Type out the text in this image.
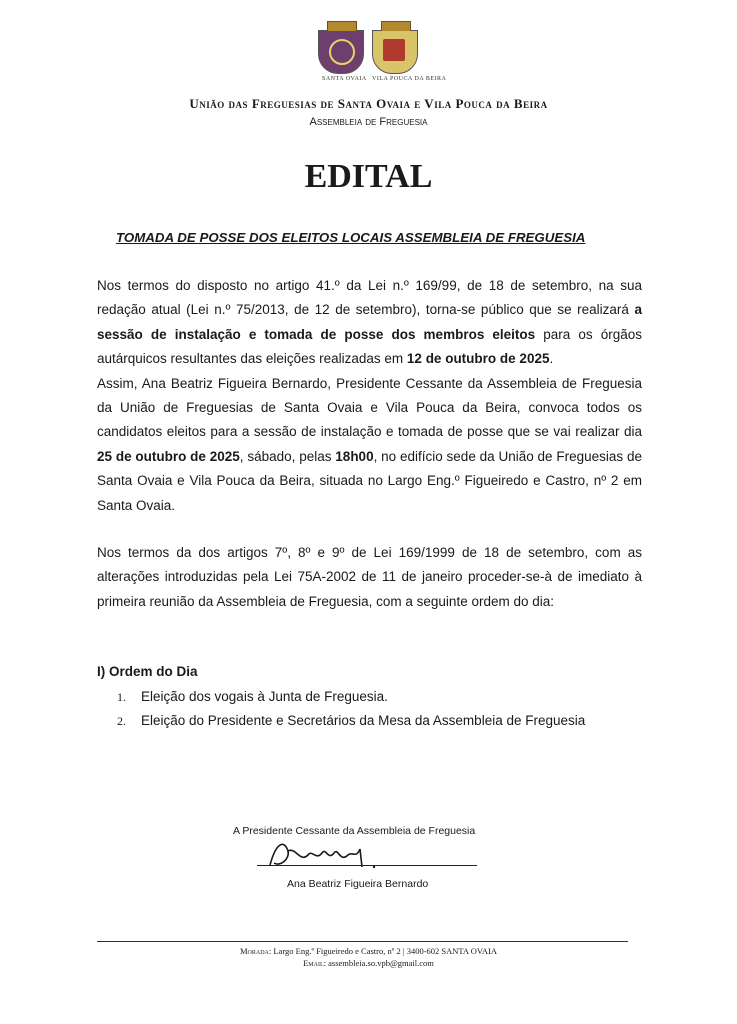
SANTA OVAIA VILA POUCA DA BEIRA
União das Freguesias de Santa Ovaia e Vila Pouca da Beira
Assembleia de Freguesia
EDITAL
TOMADA DE POSSE DOS ELEITOS LOCAIS ASSEMBLEIA DE FREGUESIA
Nos termos do disposto no artigo 41.º da Lei n.º 169/99, de 18 de setembro, na sua redação atual (Lei n.º 75/2013, de 12 de setembro), torna-se público que se realizará a sessão de instalação e tomada de posse dos membros eleitos para os órgãos autárquicos resultantes das eleições realizadas em 12 de outubro de 2025.
Assim, Ana Beatriz Figueira Bernardo, Presidente Cessante da Assembleia de Freguesia da União de Freguesias de Santa Ovaia e Vila Pouca da Beira, convoca todos os candidatos eleitos para a sessão de instalação e tomada de posse que se vai realizar dia 25 de outubro de 2025, sábado, pelas 18h00, no edifício sede da União de Freguesias de Santa Ovaia e Vila Pouca da Beira, situada no Largo Eng.º Figueiredo e Castro, nº 2 em Santa Ovaia.
Nos termos da dos artigos 7º, 8º e 9º de Lei 169/1999 de 18 de setembro, com as alterações introduzidas pela Lei 75A-2002 de 11 de janeiro proceder-se-à de imediato à primeira reunião da Assembleia de Freguesia, com a seguinte ordem do dia:
I) Ordem do Dia
1. Eleição dos vogais à Junta de Freguesia.
2. Eleição do Presidente e Secretários da Mesa da Assembleia de Freguesia
A Presidente Cessante da Assembleia de Freguesia
Ana Beatriz Figueira Bernardo
Morada: Largo Eng.º Figueiredo e Castro, nº 2 | 3400-602 SANTA OVAIA
Email: assembleia.so.vpb@gmail.com
